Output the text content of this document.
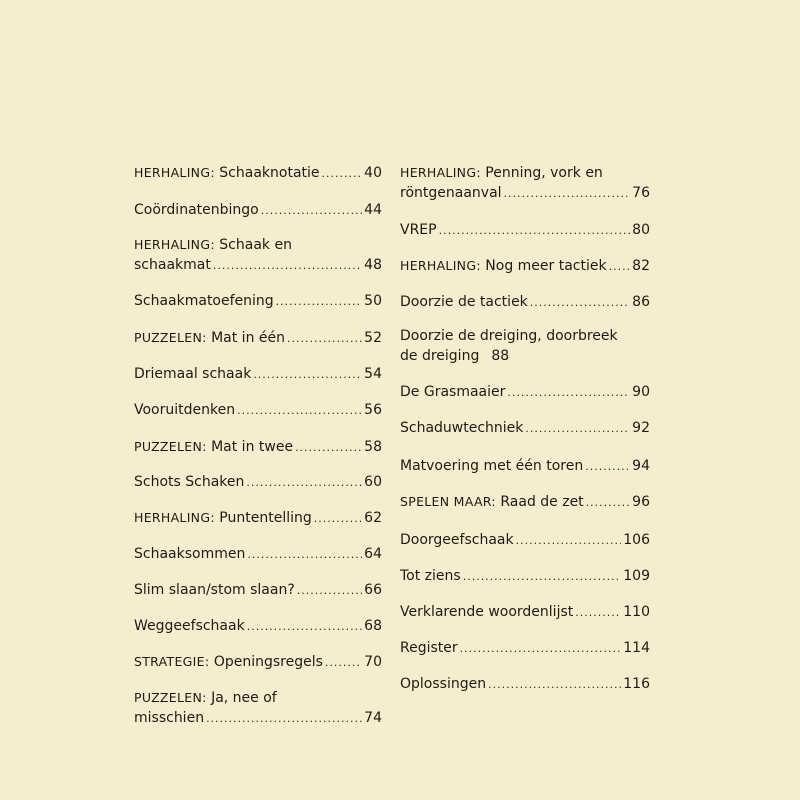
HERHALING: Schaaknotatie .....	40
Coördinatenbingo .....	44
HERHALING: Schaak en
schaakmat .....	48
Schaakmatoefening .....	50
PUZZELEN: Mat in één .....	52
Driemaal schaak .....	54
Vooruitdenken .....	56
PUZZELEN: Mat in twee .....	58
Schots Schaken .....	60
HERHALING: Puntentelling .....	62
Schaaksommen .....	64
Slim slaan/stom slaan? .....	66
Weggeefschaak .....	68
STRATEGIE: Openingsregels .....	70
PUZZELEN: Ja, nee of
misschien .....	74
HERHALING: Penning, vork en
röntgenaanval .....	76
VREP .....	80
HERHALING: Nog meer tactiek ..... 82
Doorzie de tactiek .....	86
Doorzie de dreiging, doorbreek
de dreiging 88
De Grasmaaier .....	90
Schaduwtechniek .....	92
Matvoering met één toren .....	94
SPELEN MAAR: Raad de zet .....	96
Doorgeefschaak .....	106
Tot ziens .....	109
Verklarende woordenlijst .....	110
Register .....	114
Oplossingen .....	116
